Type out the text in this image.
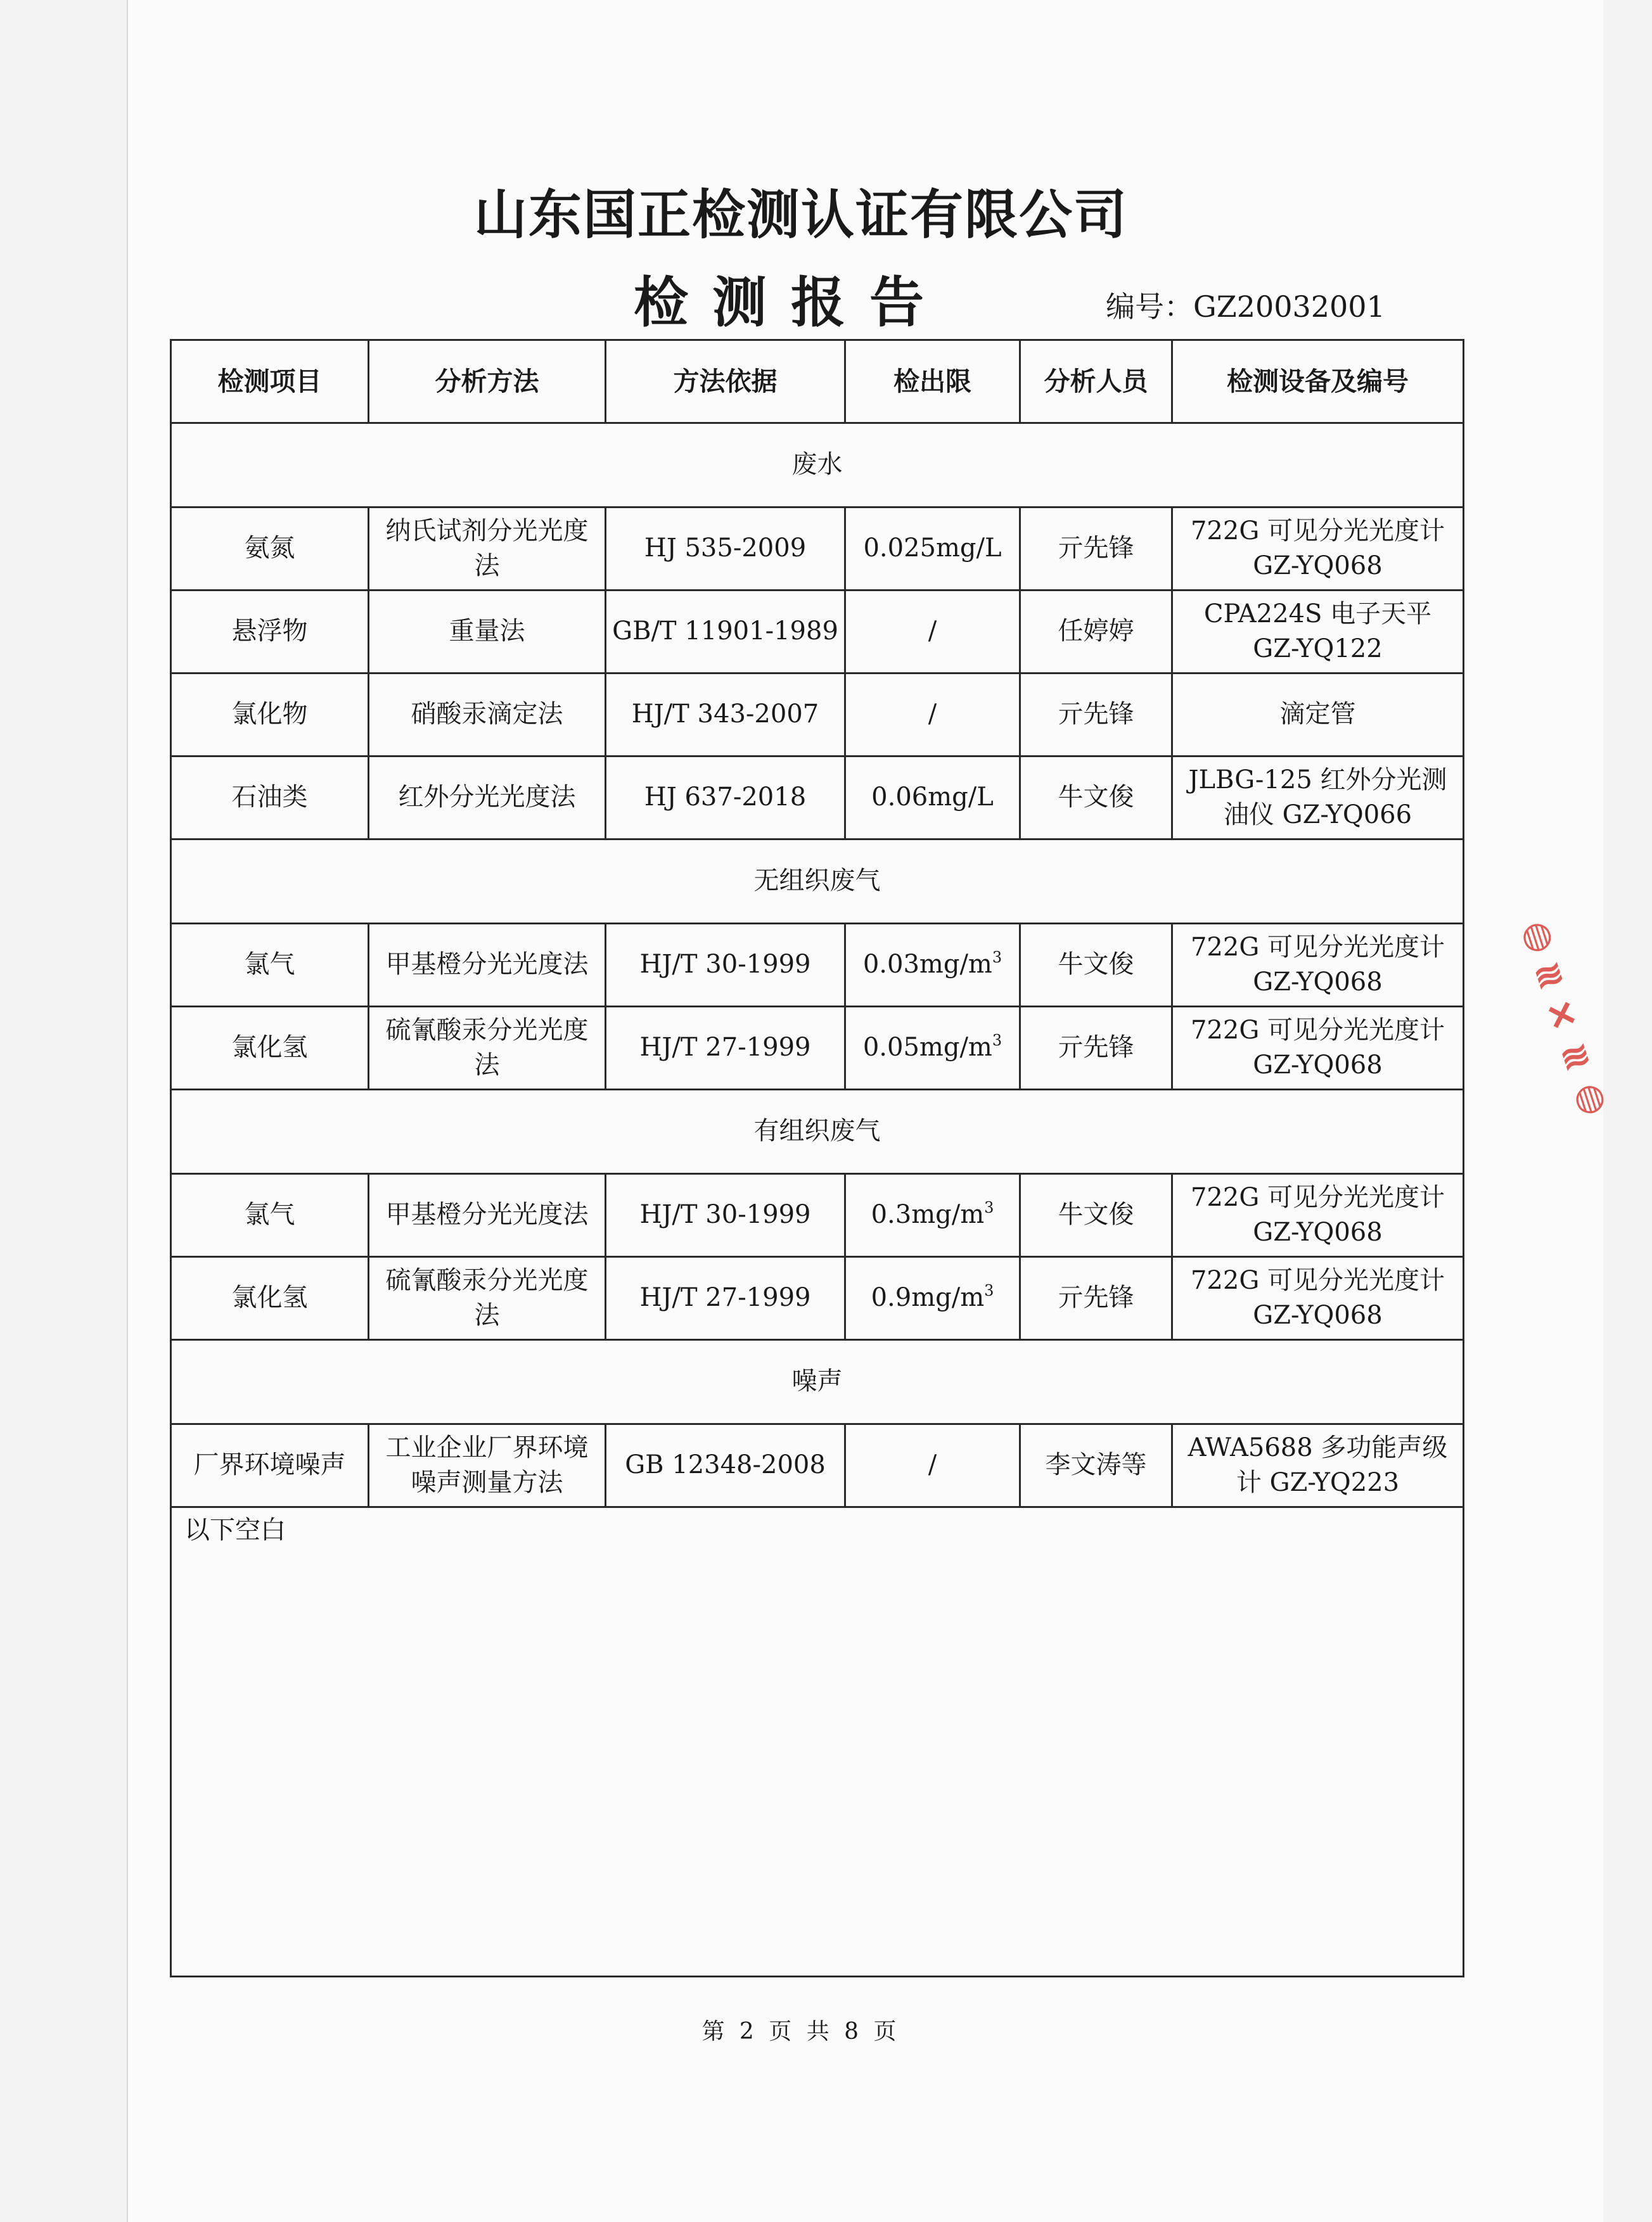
山东国正检测认证有限公司
检测报告	编号：GZ20032001
检测项目	分析方法	方法依据	检出限	分析人员	检测设备及编号
废水					
氨氮	纳氏试剂分光光度法	HJ 535-2009	0.025mg/L	亓先锋	722G 可见分光光度计 GZ-YQ068
悬浮物	重量法	GB/T 11901-1989	/	任婷婷	CPA224S 电子天平 GZ-YQ122
氯化物	硝酸汞滴定法	HJ/T 343-2007	/	亓先锋	滴定管
石油类	红外分光光度法	HJ 637-2018	0.06mg/L	牛文俊	JLBG-125 红外分光测油仪 GZ-YQ066
无组织废气					
氯气	甲基橙分光光度法	HJ/T 30-1999	$0.03mg/m^3$	牛文俊	722G 可见分光光度计 GZ-YQ068
氯化氢	硫氰酸汞分光光度法	HJ/T 27-1999	$0.05mg/m^3$	亓先锋	722G 可见分光光度计 GZ-YQ068
有组织废气					
氯气	甲基橙分光光度法	HJ/T 30-1999	$0.3mg/m^3$	牛文俊	722G 可见分光光度计 GZ-YQ068
氯化氢	硫氰酸汞分光光度法	HJ/T 27-1999	$0.9mg/m^3$	亓先锋	722G 可见分光光度计 GZ-YQ068
噪声					
厂界环境噪声	工业企业厂界环境噪声测量方法	GB 12348-2008	/	李文涛等	AWA5688 多功能声级计 GZ-YQ223
以下空白					
第 2 页 共 8 页
◍
≋
✕
≋
◍
